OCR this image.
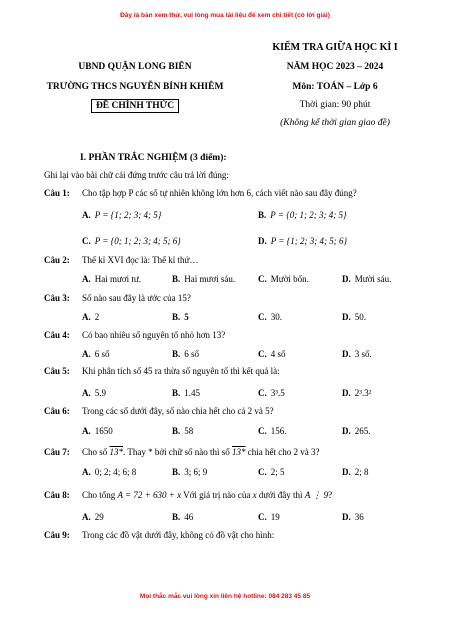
Đây là bản xem thử, vui lòng mua tài liệu để xem chi tiết (có lời giải)
UBND QUẬN LONG BIÊN
TRƯỜNG THCS NGUYỄN BỈNH KHIÊM
ĐỀ CHÍNH THỨC
KIỂM TRA GIỮA HỌC KÌ I
NĂM HỌC 2023 – 2024
Môn: TOÁN – Lớp 6
Thời gian: 90 phút
(Không kể thời gian giao đề)
I. PHẦN TRẮC NGHIỆM (3 điểm):
Ghi lại vào bài chữ cái đứng trước câu trả lời đúng:
Câu 1: Cho tập hợp P các số tự nhiên không lớn hơn 6, cách viết nào sau đây đúng?
A. P = {1; 2; 3; 4; 5}	B. P = {0; 1; 2; 3; 4; 5}
C. P = {0; 1; 2; 3; 4; 5; 6}	D. P = {1; 2; 3; 4; 5; 6}
Câu 2: Thế kỉ XVI đọc là: Thế kỉ thứ…
A. Hai mươi tư.	B. Hai mươi sáu.	C. Mười bốn.	D. Mười sáu.
Câu 3: Số nào sau đây là ước của 15?
A. 2	B. 5	C. 30.	D. 50.
Câu 4: Có bao nhiêu số nguyên tố nhỏ hơn 13?
A. 6 số	B. 6 số	C. 4 số	D. 3 số.
Câu 5: Khi phân tích số 45 ra thừa số nguyên tố thì kết quả là:
A. 5.9	B. 1.45	C. 3³.5	D. 2³.3²
Câu 6: Trong các số dưới đây, số nào chia hết cho cả 2 và 5?
A. 1650	B. 58	C. 156.	D. 265.
Câu 7: Cho số 13*. Thay * bởi chữ số nào thì số 13* chia hết cho 2 và 3?
A. 0; 2; 4; 6; 8	B. 3; 6; 9	C. 2; 5	D. 2; 8
Câu 8: Cho tổng A = 72 + 630 + x Với giá trị nào của x dưới đây thì A ⋮ 9?
A. 29	B. 46	C. 19	D. 36
Câu 9: Trong các đồ vật dưới đây, không có đồ vật cho hình:
Mọi thắc mắc vui lòng xin liên hệ hotline: 084 283 45 85
